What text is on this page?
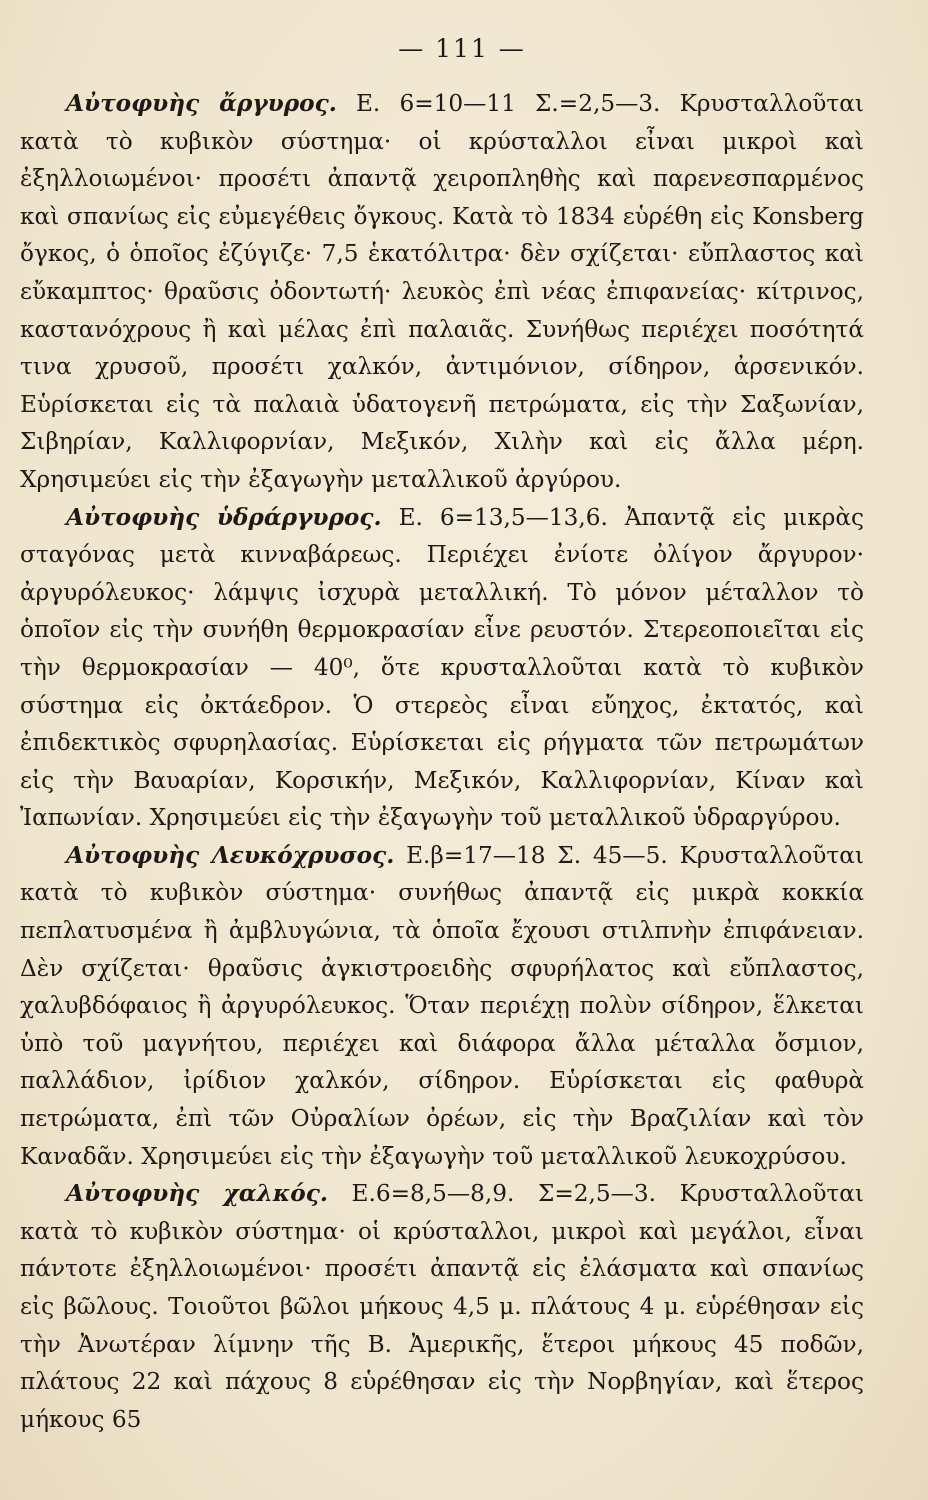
— 111 —

Αὐτοφυὴς ἄργυρος. Ε. 6=10—11 Σ.=2,5—3. Κρυσταλλοῦται κατὰ τὸ κυβικὸν σύστημα· οἱ κρύσταλλοι εἶναι μικροὶ καὶ ἐξηλλοιωμένοι· προσέτι ἀπαντᾷ χειροπληθὴς καὶ παρενεσπαρμένος καὶ σπανίως εἰς εὐμεγέθεις ὄγκους. Κατὰ τὸ 1834 εὑρέθη εἰς Konsberg ὄγκος, ὁ ὁποῖος ἐζύγιζε· 7,5 ἑκατόλιτρα· δὲν σχίζεται· εὔπλαστος καὶ εὔκαμπτος· θραῦσις ὀδοντωτή· λευκὸς ἐπὶ νέας ἐπιφανείας· κίτρινος, καστανόχρους ἢ καὶ μέλας ἐπὶ παλαιᾶς. Συνήθως περιέχει ποσότητά τινα χρυσοῦ, προσέτι χαλκόν, ἀντιμόνιον, σίδηρον, ἀρσενικόν. Εὑρίσκεται εἰς τὰ παλαιὰ ὑδατογενῆ πετρώματα, εἰς τὴν Σαξωνίαν, Σιβηρίαν, Καλλιφορνίαν, Μεξικόν, Χιλὴν καὶ εἰς ἄλλα μέρη. Χρησιμεύει εἰς τὴν ἐξαγωγὴν μεταλλικοῦ ἀργύρου.

Αὐτοφυὴς ὑδράργυρος. Ε. 6=13,5—13,6. Ἀπαντᾷ εἰς μικρὰς σταγόνας μετὰ κινναβάρεως. Περιέχει ἐνίοτε ὀλίγον ἄργυρον· ἀργυρόλευκος· λάμψις ἰσχυρὰ μεταλλική. Τὸ μόνον μέταλλον τὸ ὁποῖον εἰς τὴν συνήθη θερμοκρασίαν εἶνε ρευστόν. Στερεοποιεῖται εἰς τὴν θερμοκρασίαν — 40⁰, ὅτε κρυσταλλοῦται κατὰ τὸ κυβικὸν σύστημα εἰς ὀκτάεδρον. Ὁ στερεὸς εἶναι εὔηχος, ἐκτατός, καὶ ἐπιδεκτικὸς σφυρηλασίας. Εὑρίσκεται εἰς ρήγματα τῶν πετρωμάτων εἰς τὴν Βαυαρίαν, Κορσικήν, Μεξικόν, Καλλιφορνίαν, Κίναν καὶ Ἰαπωνίαν. Χρησιμεύει εἰς τὴν ἐξαγωγὴν τοῦ μεταλλικοῦ ὑδραργύρου.

Αὐτοφυὴς Λευκόχρυσος. Ε.β=17—18 Σ. 45—5. Κρυσταλλοῦται κατὰ τὸ κυβικὸν σύστημα· συνήθως ἀπαντᾷ εἰς μικρὰ κοκκία πεπλατυσμένα ἢ ἀμβλυγώνια, τὰ ὁποῖα ἔχουσι στιλπνὴν ἐπιφάνειαν. Δὲν σχίζεται· θραῦσις ἀγκιστροειδὴς σφυρήλατος καὶ εὔπλαστος, χαλυβδόφαιος ἢ ἀργυρόλευκος. Ὅταν περιέχῃ πολὺν σίδηρον, ἕλκεται ὑπὸ τοῦ μαγνήτου, περιέχει καὶ διάφορα ἄλλα μέταλλα ὄσμιον, παλλάδιον, ἰρίδιον χαλκόν, σίδηρον. Εὑρίσκεται εἰς φαθυρὰ πετρώματα, ἐπὶ τῶν Οὐραλίων ὀρέων, εἰς τὴν Βραζιλίαν καὶ τὸν Καναδᾶν. Χρησιμεύει εἰς τὴν ἐξαγωγὴν τοῦ μεταλλικοῦ λευκοχρύσου.

Αὐτοφυὴς χαλκός. Ε.6=8,5—8,9. Σ=2,5—3. Κρυσταλλοῦται κατὰ τὸ κυβικὸν σύστημα· οἱ κρύσταλλοι, μικροὶ καὶ μεγάλοι, εἶναι πάντοτε ἐξηλλοιωμένοι· προσέτι ἀπαντᾷ εἰς ἐλάσματα καὶ σπανίως εἰς βῶλους. Τοιοῦτοι βῶλοι μήκους 4,5 μ. πλάτους 4 μ. εὑρέθησαν εἰς τὴν Ἀνωτέραν λίμνην τῆς Β. Ἀμερικῆς, ἕτεροι μήκους 45 ποδῶν, πλάτους 22 καὶ πάχους 8 εὑρέθησαν εἰς τὴν Νορβηγίαν, καὶ ἕτερος μήκους 65
